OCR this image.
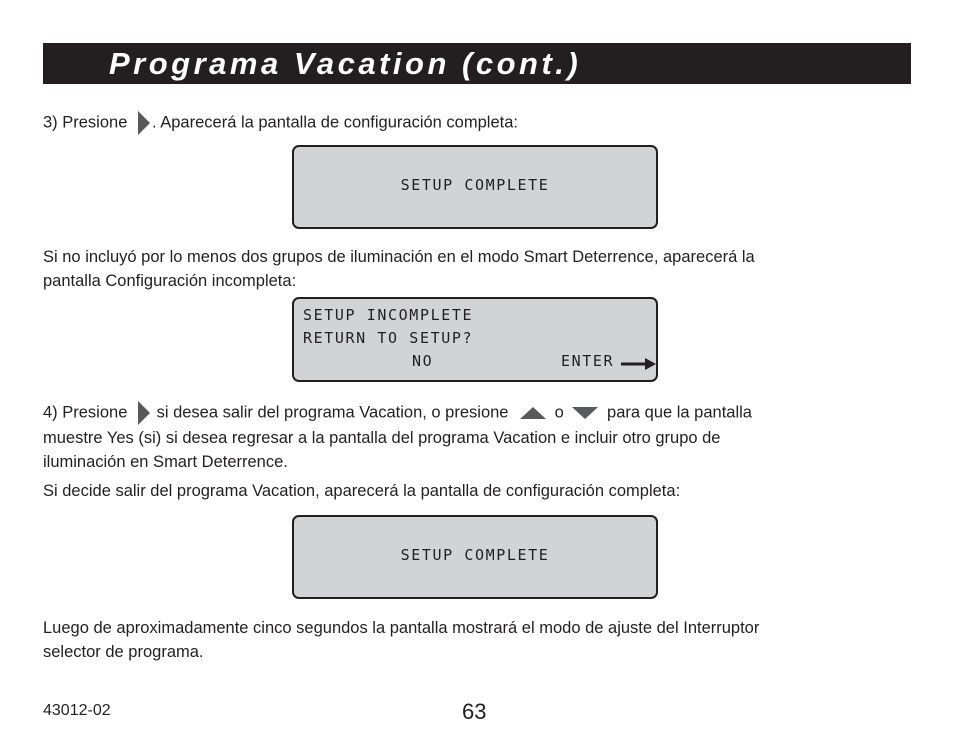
Programa Vacation (cont.)
3) Presione . Aparecerá la pantalla de configuración completa:
SETUP COMPLETE
Si no incluyó por lo menos dos grupos de iluminación en el modo Smart Deterrence, aparecerá la
pantalla Configuración incompleta:
SETUP INCOMPLETE
RETURN TO SETUP?
NO	ENTER
4) Presione si desea salir del programa Vacation, o presione	o	para que la pantalla
muestre Yes (si) si desea regresar a la pantalla del programa Vacation e incluir otro grupo de
iluminación en Smart Deterrence.
Si decide salir del programa Vacation, aparecerá la pantalla de configuración completa:
SETUP COMPLETE
Luego de aproximadamente cinco segundos la pantalla mostrará el modo de ajuste del Interruptor
selector de programa.
43012-02	63
